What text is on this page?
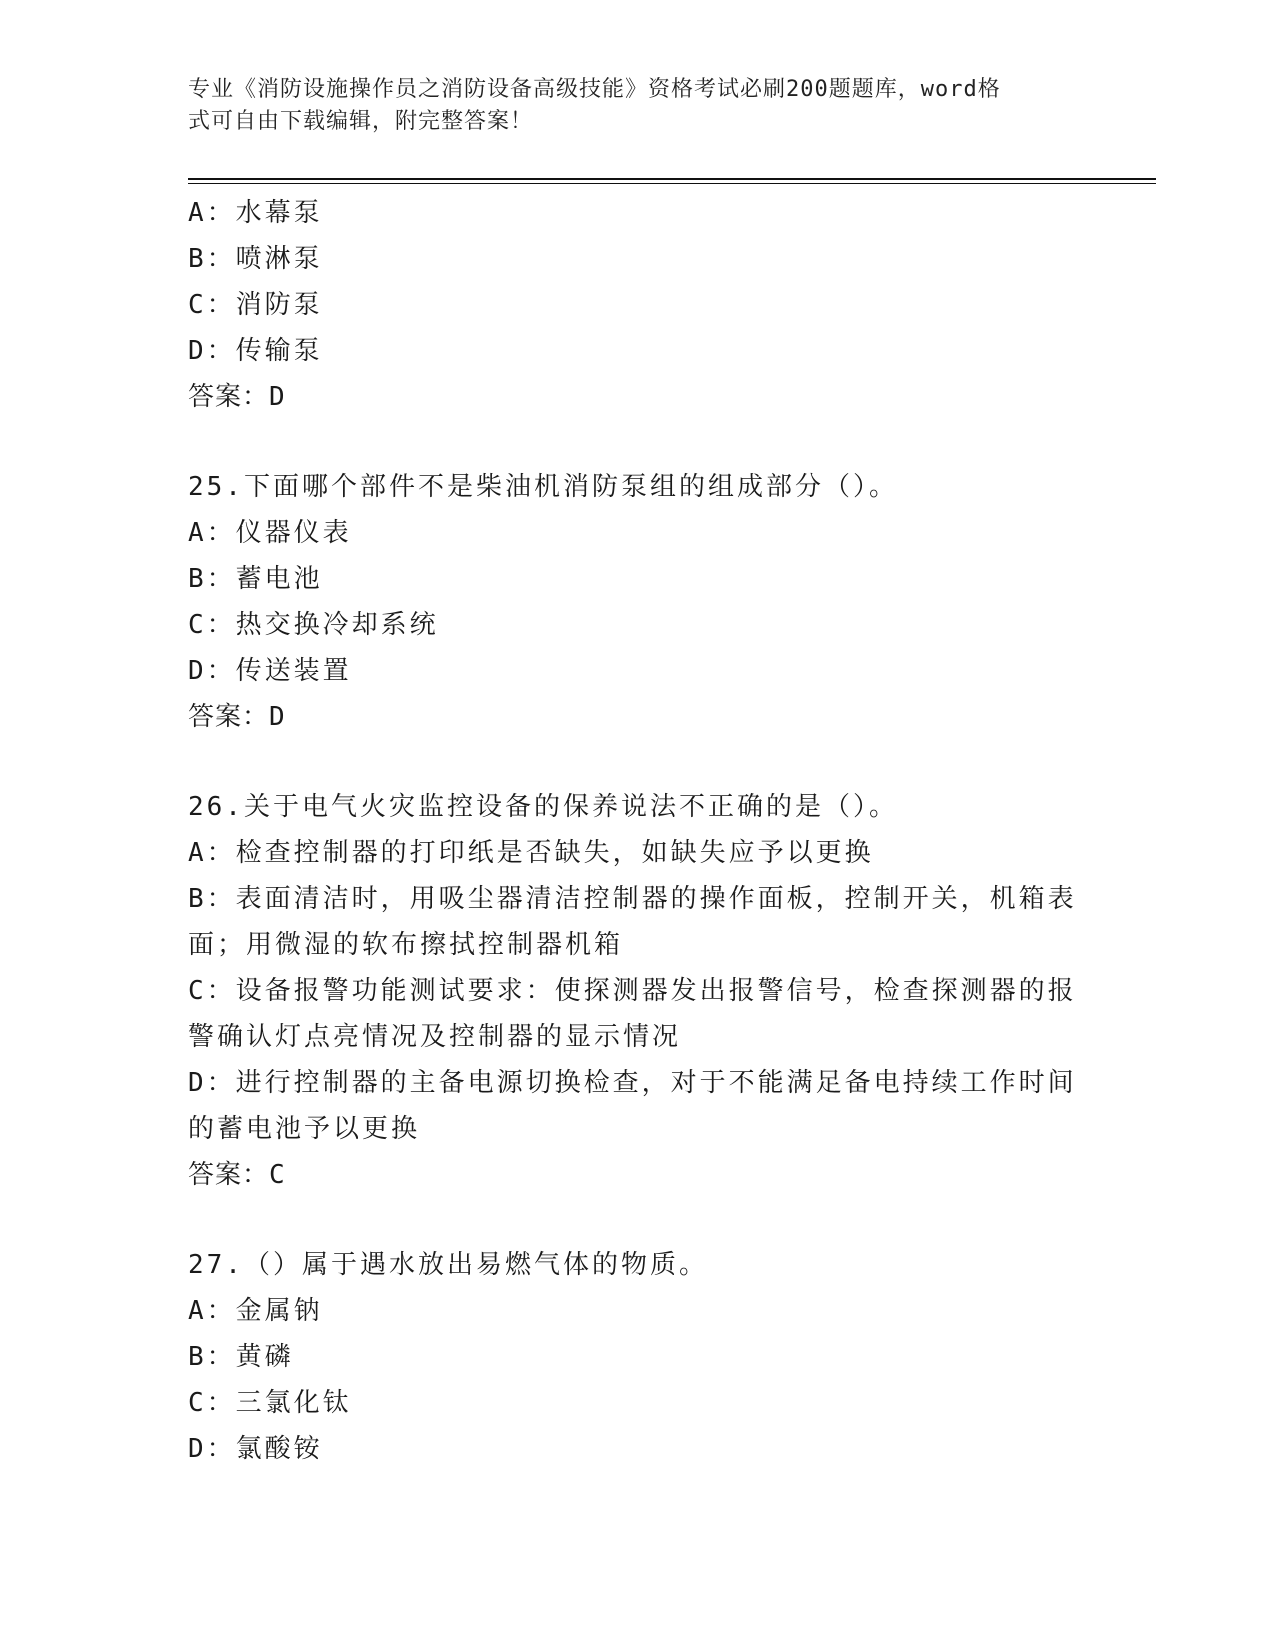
专业《消防设施操作员之消防设备高级技能》资格考试必刷200题题库，word格
式可自由下载编辑，附完整答案！

A：水幕泵

B：喷淋泵

C：消防泵

D：传输泵

答案：D

25.下面哪个部件不是柴油机消防泵组的组成部分（）。

A：仪器仪表

B：蓄电池

C：热交换冷却系统

D：传送装置

答案：D

26.关于电气火灾监控设备的保养说法不正确的是（）。

A：检查控制器的打印纸是否缺失，如缺失应予以更换

B：表面清洁时，用吸尘器清洁控制器的操作面板，控制开关，机箱表

面；用微湿的软布擦拭控制器机箱

C：设备报警功能测试要求：使探测器发出报警信号，检查探测器的报

警确认灯点亮情况及控制器的显示情况

D：进行控制器的主备电源切换检查，对于不能满足备电持续工作时间

的蓄电池予以更换

答案：C

27.（）属于遇水放出易燃气体的物质。

A：金属钠

B：黄磷

C：三氯化钛

D：氯酸铵
